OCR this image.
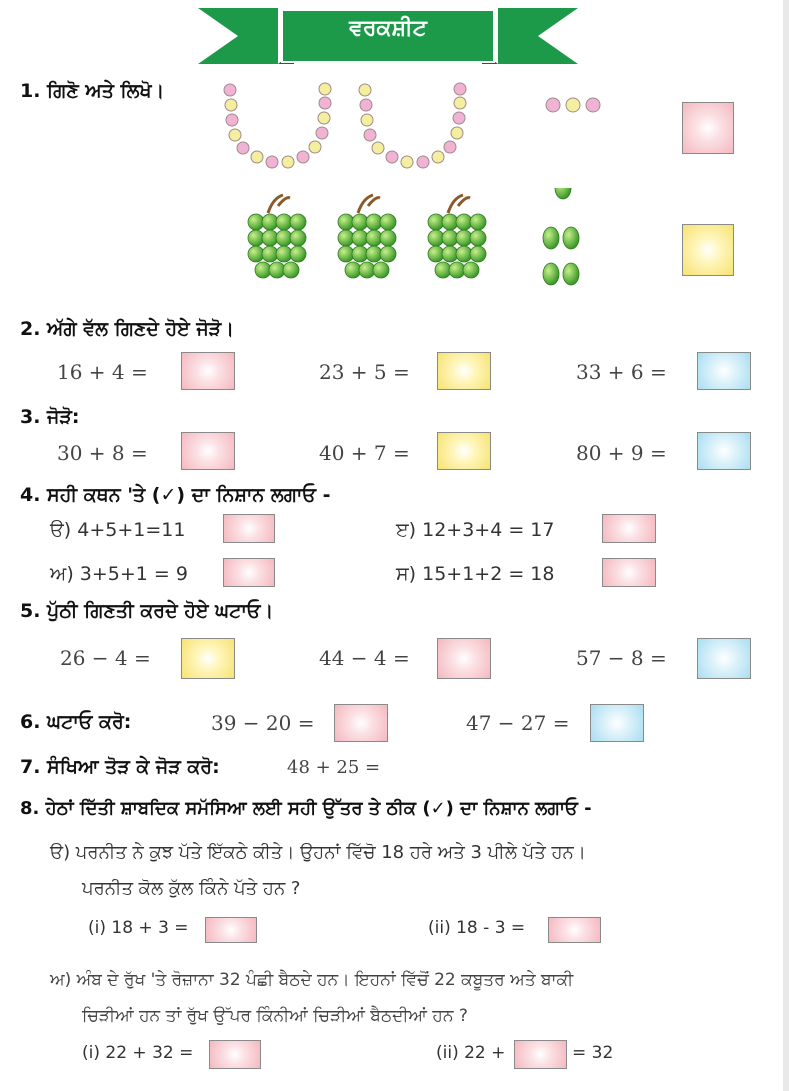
ਵਰਕਸ਼ੀਟ
1. ਗਿਣੋ ਅਤੇ ਲਿਖੋ।
2. ਅੱਗੇ ਵੱਲ ਗਿਣਦੇ ਹੋਏ ਜੋੜੋ।
16 + 4 =	23 + 5 =	33 + 6 =
3. ਜੋੜੋ:
30 + 8 =	40 + 7 =	80 + 9 =
4. ਸਹੀ ਕਥਨ 'ਤੇ (✓) ਦਾ ਨਿਸ਼ਾਨ ਲਗਾਓ -
ੳ) 4+5+1=11	ੲ) 12+3+4 = 17
ਅ) 3+5+1 = 9	ਸ) 15+1+2 = 18
5. ਪੁੱਠੀ ਗਿਣਤੀ ਕਰਦੇ ਹੋਏ ਘਟਾਓ।
26 − 4 =	44 − 4 =	57 − 8 =
6. ਘਟਾਓ ਕਰੋ:	39 − 20 =	47 − 27 =
7. ਸੰਖਿਆ ਤੋੜ ਕੇ ਜੋੜ ਕਰੋ:	48 + 25 =
8. ਹੇਠਾਂ ਦਿੱਤੀ ਸ਼ਾਬਦਿਕ ਸਮੱਸਿਆ ਲਈ ਸਹੀ ਉੱਤਰ ਤੇ ਠੀਕ (✓) ਦਾ ਨਿਸ਼ਾਨ ਲਗਾਓ -
ੳ) ਪਰਨੀਤ ਨੇ ਕੁਝ ਪੱਤੇ ਇੱਕਠੇ ਕੀਤੇ। ਉਹਨਾਂ ਵਿੱਚੋ 18 ਹਰੇ ਅਤੇ 3 ਪੀਲੇ ਪੱਤੇ ਹਨ।
ਪਰਨੀਤ ਕੋਲ ਕੁੱਲ ਕਿੰਨੇ ਪੱਤੇ ਹਨ ?
(i) 18 + 3 =	(ii) 18 - 3 =
ਅ) ਅੰਬ ਦੇ ਰੁੱਖ 'ਤੇ ਰੋਜ਼ਾਨਾ 32 ਪੰਛੀ ਬੈਠਦੇ ਹਨ। ਇਹਨਾਂ ਵਿੱਚੋਂ 22 ਕਬੂਤਰ ਅਤੇ ਬਾਕੀ
ਚਿੜੀਆਂ ਹਨ ਤਾਂ ਰੁੱਖ ਉੱਪਰ ਕਿੰਨੀਆਂ ਚਿੜੀਆਂ ਬੈਠਦੀਆਂ ਹਨ ?
(i) 22 + 32 =	(ii) 22 +	= 32
